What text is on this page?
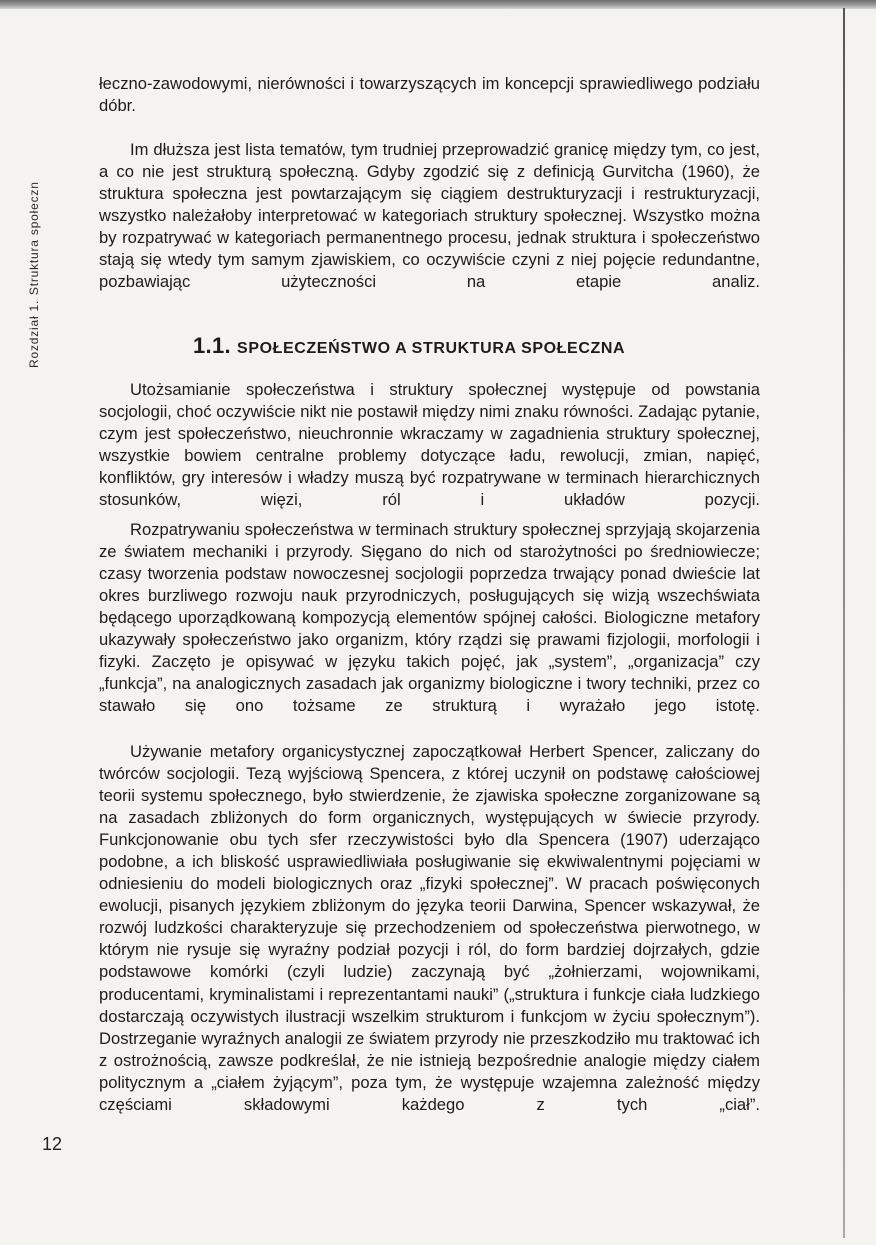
Rozdział 1. Struktura społeczn

łeczno-zawodowymi, nierówności i towarzyszących im koncepcji sprawiedliwego podziału dóbr.

Im dłuższa jest lista tematów, tym trudniej przeprowadzić granicę między tym, co jest, a co nie jest strukturą społeczną. Gdyby zgodzić się z definicją Gurvitcha (1960), że struktura społeczna jest powtarzającym się ciągiem destrukturyzacji i restrukturyzacji, wszystko należałoby interpretować w kategoriach struktury społecznej. Wszystko można by rozpatrywać w kategoriach permanentnego procesu, jednak struktura i społeczeństwo stają się wtedy tym samym zjawiskiem, co oczywiście czyni z niej pojęcie redundantne, pozbawiając użyteczności na etapie analiz.

1.1. SPOŁECZEŃSTWO A STRUKTURA SPOŁECZNA

Utożsamianie społeczeństwa i struktury społecznej występuje od powstania socjologii, choć oczywiście nikt nie postawił między nimi znaku równości. Zadając pytanie, czym jest społeczeństwo, nieuchronnie wkraczamy w zagadnienia struktury społecznej, wszystkie bowiem centralne problemy dotyczące ładu, rewolucji, zmian, napięć, konfliktów, gry interesów i władzy muszą być rozpatrywane w terminach hierarchicznych stosunków, więzi, ról i układów pozycji.

Rozpatrywaniu społeczeństwa w terminach struktury społecznej sprzyjają skojarzenia ze światem mechaniki i przyrody. Sięgano do nich od starożytności po średniowiecze; czasy tworzenia podstaw nowoczesnej socjologii poprzedza trwający ponad dwieście lat okres burzliwego rozwoju nauk przyrodniczych, posługujących się wizją wszechświata będącego uporządkowaną kompozycją elementów spójnej całości. Biologiczne metafory ukazywały społeczeństwo jako organizm, który rządzi się prawami fizjologii, morfologii i fizyki. Zaczęto je opisywać w języku takich pojęć, jak „system”, „organizacja” czy „funkcja”, na analogicznych zasadach jak organizmy biologiczne i twory techniki, przez co stawało się ono tożsame ze strukturą i wyrażało jego istotę.

Używanie metafory organicystycznej zapoczątkował Herbert Spencer, zaliczany do twórców socjologii. Tezą wyjściową Spencera, z której uczynił on podstawę całościowej teorii systemu społecznego, było stwierdzenie, że zjawiska społeczne zorganizowane są na zasadach zbliżonych do form organicznych, występujących w świecie przyrody. Funkcjonowanie obu tych sfer rzeczywistości było dla Spencera (1907) uderzająco podobne, a ich bliskość usprawiedliwiała posługiwanie się ekwiwalentnymi pojęciami w odniesieniu do modeli biologicznych oraz „fizyki społecznej”. W pracach poświęconych ewolucji, pisanych językiem zbliżonym do języka teorii Darwina, Spencer wskazywał, że rozwój ludzkości charakteryzuje się przechodzeniem od społeczeństwa pierwotnego, w którym nie rysuje się wyraźny podział pozycji i ról, do form bardziej dojrzałych, gdzie podstawowe komórki (czyli ludzie) zaczynają być „żołnierzami, wojownikami, producentami, kryminalistami i reprezentantami nauki” („struktura i funkcje ciała ludzkiego dostarczają oczywistych ilustracji wszelkim strukturom i funkcjom w życiu społecznym”). Dostrzeganie wyraźnych analogii ze światem przyrody nie przeszkodziło mu traktować ich z ostrożnością, zawsze podkreślał, że nie istnieją bezpośrednie analogie między ciałem politycznym a „ciałem żyjącym”, poza tym, że występuje wzajemna zależność między częściami składowymi każdego z tych „ciał”.

12
